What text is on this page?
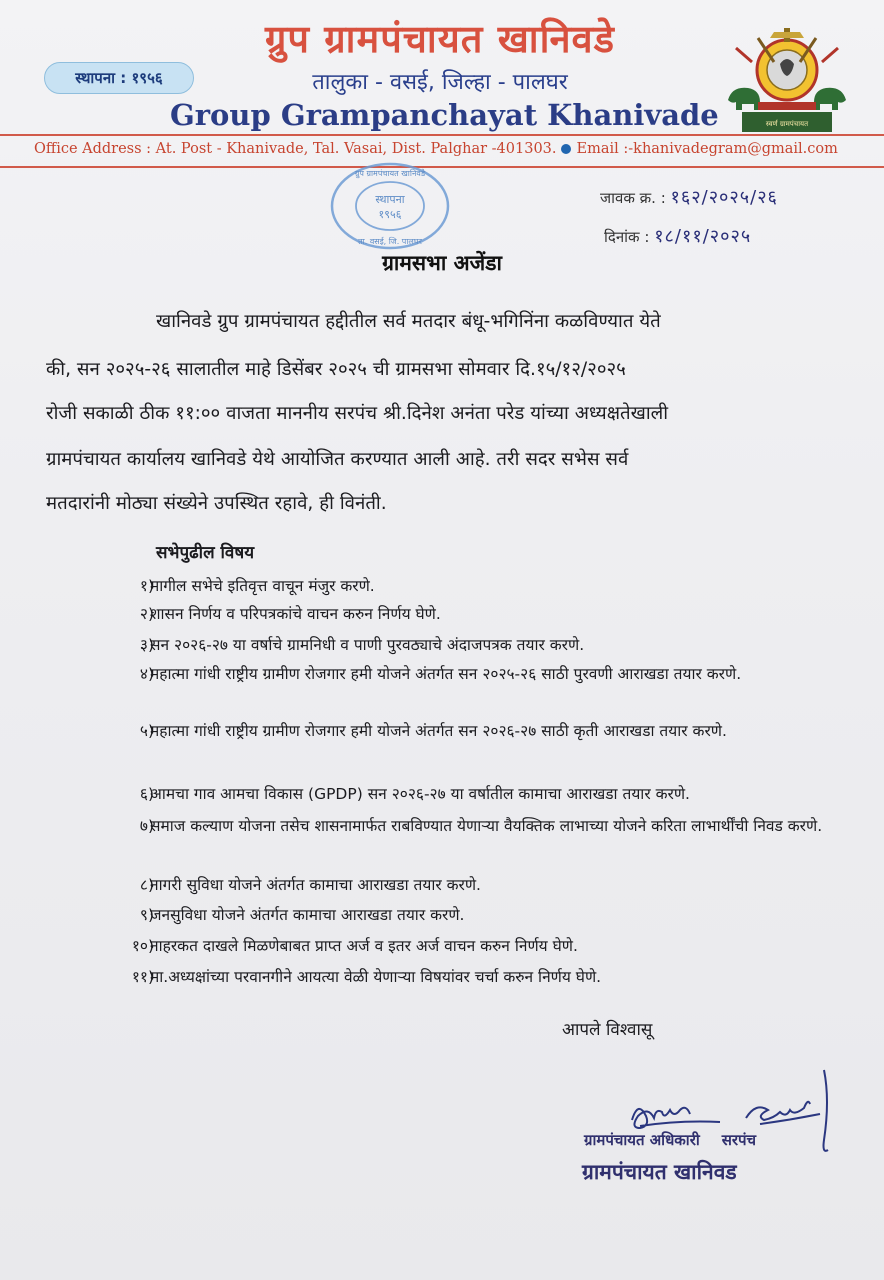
स्थापना : १९५६
ग्रुप ग्रामपंचायत खानिवडे
तालुका - वसई, जिल्हा - पालघर
Group Grampanchayat Khanivade	स्वर्ण ग्रामपंचायत
Office Address : At. Post - Khanivade, Tal. Vasai, Dist. Palghar -401303. Email :-khanivadegram@gmail.com
ग्रुप ग्रामपंचायत खानिवडे
स्थापना
१९५६
ता. वसई, जि. पालघर
जावक क्र. : १६२/२०२५/२६
दिनांक : १८/११/२०२५
ग्रामसभा अजेंडा
खानिवडे ग्रुप ग्रामपंचायत हद्दीतील सर्व मतदार बंधू-भगिनिंना कळविण्यात येते
की, सन २०२५-२६ सालातील माहे डिसेंबर २०२५ ची ग्रामसभा सोमवार दि.१५/१२/२०२५
रोजी सकाळी ठीक ११:०० वाजता माननीय सरपंच श्री.दिनेश अनंता परेड यांच्या अध्यक्षतेखाली
ग्रामपंचायत कार्यालय खानिवडे येथे आयोजित करण्यात आली आहे. तरी सदर सभेस सर्व
मतदारांनी मोठ्या संख्येने उपस्थित रहावे, ही विनंती.
सभेपुढील विषय
१)
मागील सभेचे इतिवृत्त वाचून मंजुर करणे.
२)
शासन निर्णय व परिपत्रकांचे वाचन करुन निर्णय घेणे.
३)
सन २०२६-२७ या वर्षाचे ग्रामनिधी व पाणी पुरवठ्याचे अंदाजपत्रक तयार करणे.
४)
महात्मा गांधी राष्ट्रीय ग्रामीण रोजगार हमी योजने अंतर्गत सन २०२५-२६ साठी पुरवणी आराखडा तयार करणे.
५)
महात्मा गांधी राष्ट्रीय ग्रामीण रोजगार हमी योजने अंतर्गत सन २०२६-२७ साठी कृती आराखडा तयार करणे.
६)
आमचा गाव आमचा विकास (GPDP) सन २०२६-२७ या वर्षातील कामाचा आराखडा तयार करणे.
७)
समाज कल्याण योजना तसेच शासनामार्फत राबविण्यात येणाऱ्या वैयक्तिक लाभाच्या योजने करिता लाभार्थींची निवड करणे.
८)
नागरी सुविधा योजने अंतर्गत कामाचा आराखडा तयार करणे.
९)
जनसुविधा योजने अंतर्गत कामाचा आराखडा तयार करणे.
१०)
नाहरकत दाखले मिळणेबाबत प्राप्त अर्ज व इतर अर्ज वाचन करुन निर्णय घेणे.
११)
मा.अध्यक्षांच्या परवानगीने आयत्या वेळी येणाऱ्या विषयांवर चर्चा करुन निर्णय घेणे.
आपले विश्वासू
ग्रामपंचायत अधिकारी सरपंच
ग्रामपंचायत खानिवड
